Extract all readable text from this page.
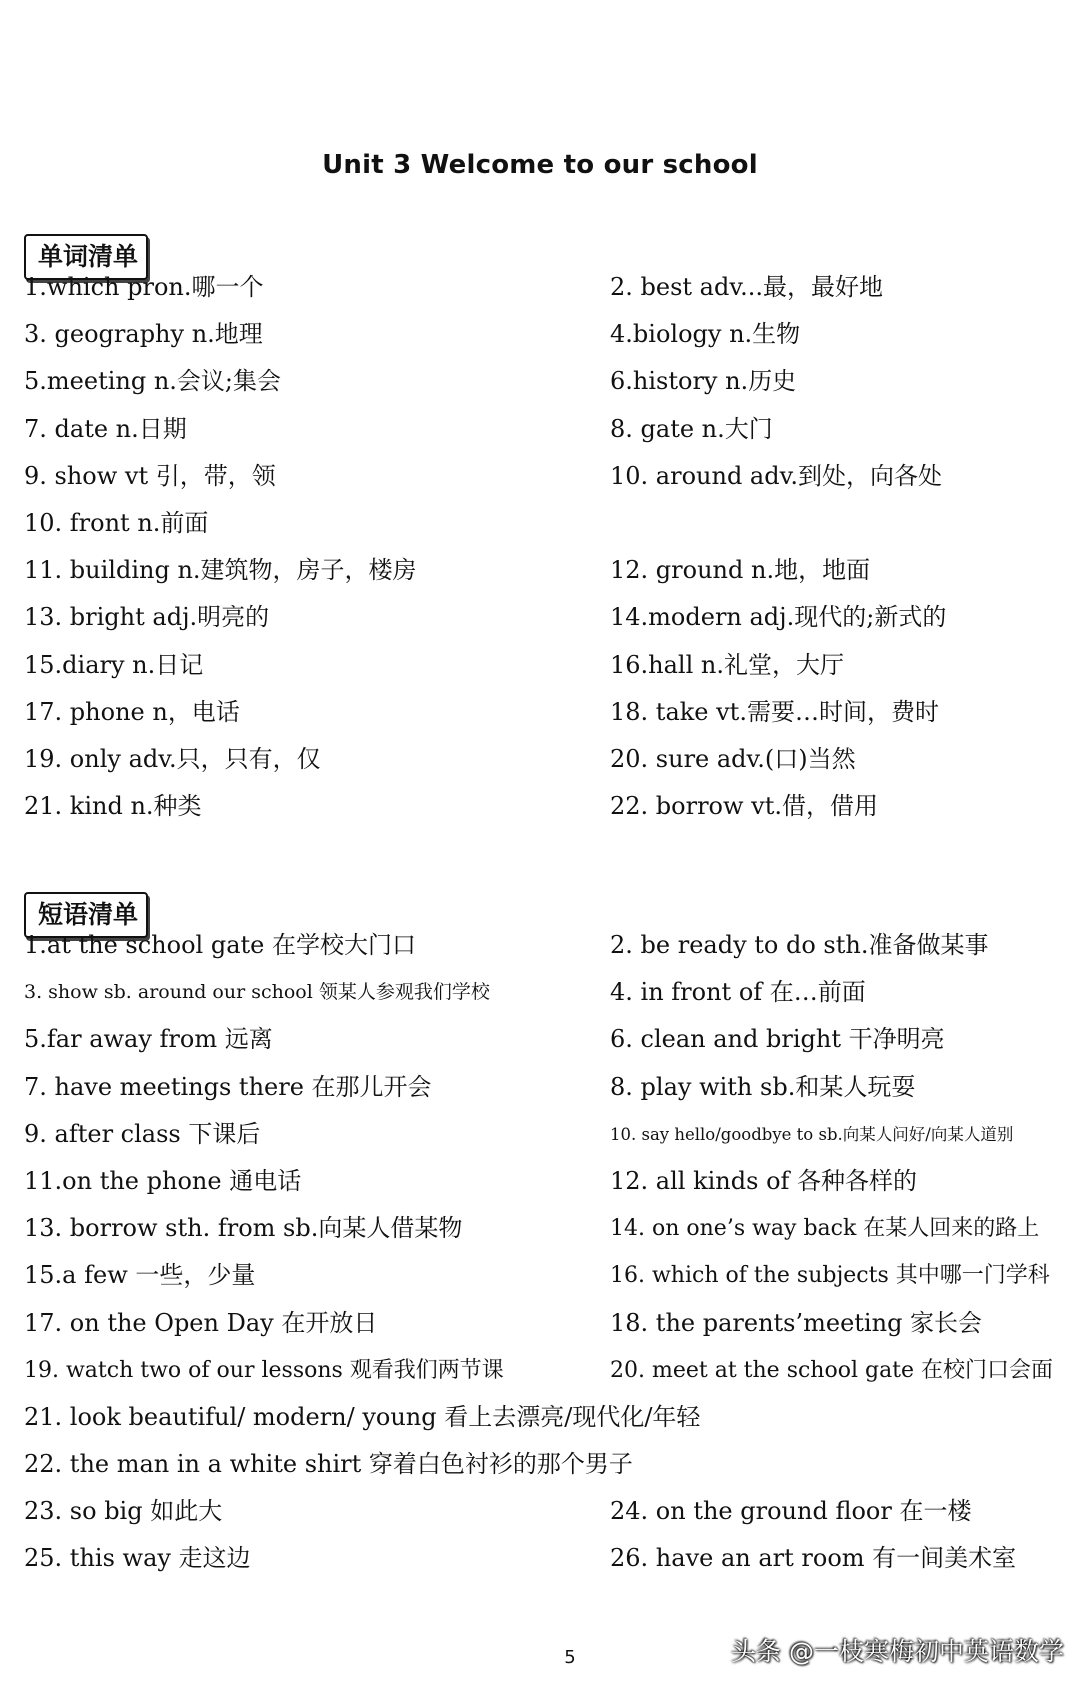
Unit 3 Welcome to our school
单词清单
1.which pron.哪一个	2. best adv...最，最好地
3. geography n.地理	4.biology n.生物
5.meeting n.会议;集会	6.history n.历史
7. date n.日期	8. gate n.大门
9. show vt 引，带，领	10. around adv.到处，向各处
10. front n.前面
11. building n.建筑物，房子，楼房	12. ground n.地，地面
13. bright adj.明亮的	14.modern adj.现代的;新式的
15.diary n.日记	16.hall n.礼堂，大厅
17. phone n，电话	18. take vt.需要…时间，费时
19. only adv.只，只有，仅	20. sure adv.(口)当然
21. kind n.种类	22. borrow vt.借，借用
短语清单
1.at the school gate 在学校大门口	2. be ready to do sth.准备做某事
3. show sb. around our school 领某人参观我们学校	4. in front of 在…前面
5.far away from 远离	6. clean and bright 干净明亮
7. have meetings there 在那儿开会	8. play with sb.和某人玩耍
9. after class 下课后	10. say hello/goodbye to sb.向某人问好/向某人道别
11.on the phone 通电话	12. all kinds of 各种各样的
13. borrow sth. from sb.向某人借某物	14. on one’s way back 在某人回来的路上
15.a few 一些，少量	16. which of the subjects 其中哪一门学科
17. on the Open Day 在开放日	18. the parents’meeting 家长会
19. watch two of our lessons 观看我们两节课	20. meet at the school gate 在校门口会面
21. look beautiful/ modern/ young 看上去漂亮/现代化/年轻
22. the man in a white shirt 穿着白色衬衫的那个男子
23. so big 如此大	24. on the ground floor 在一楼
25. this way 走这边	26. have an art room 有一间美术室
5	头条 @一枝寒梅初中英语数学
